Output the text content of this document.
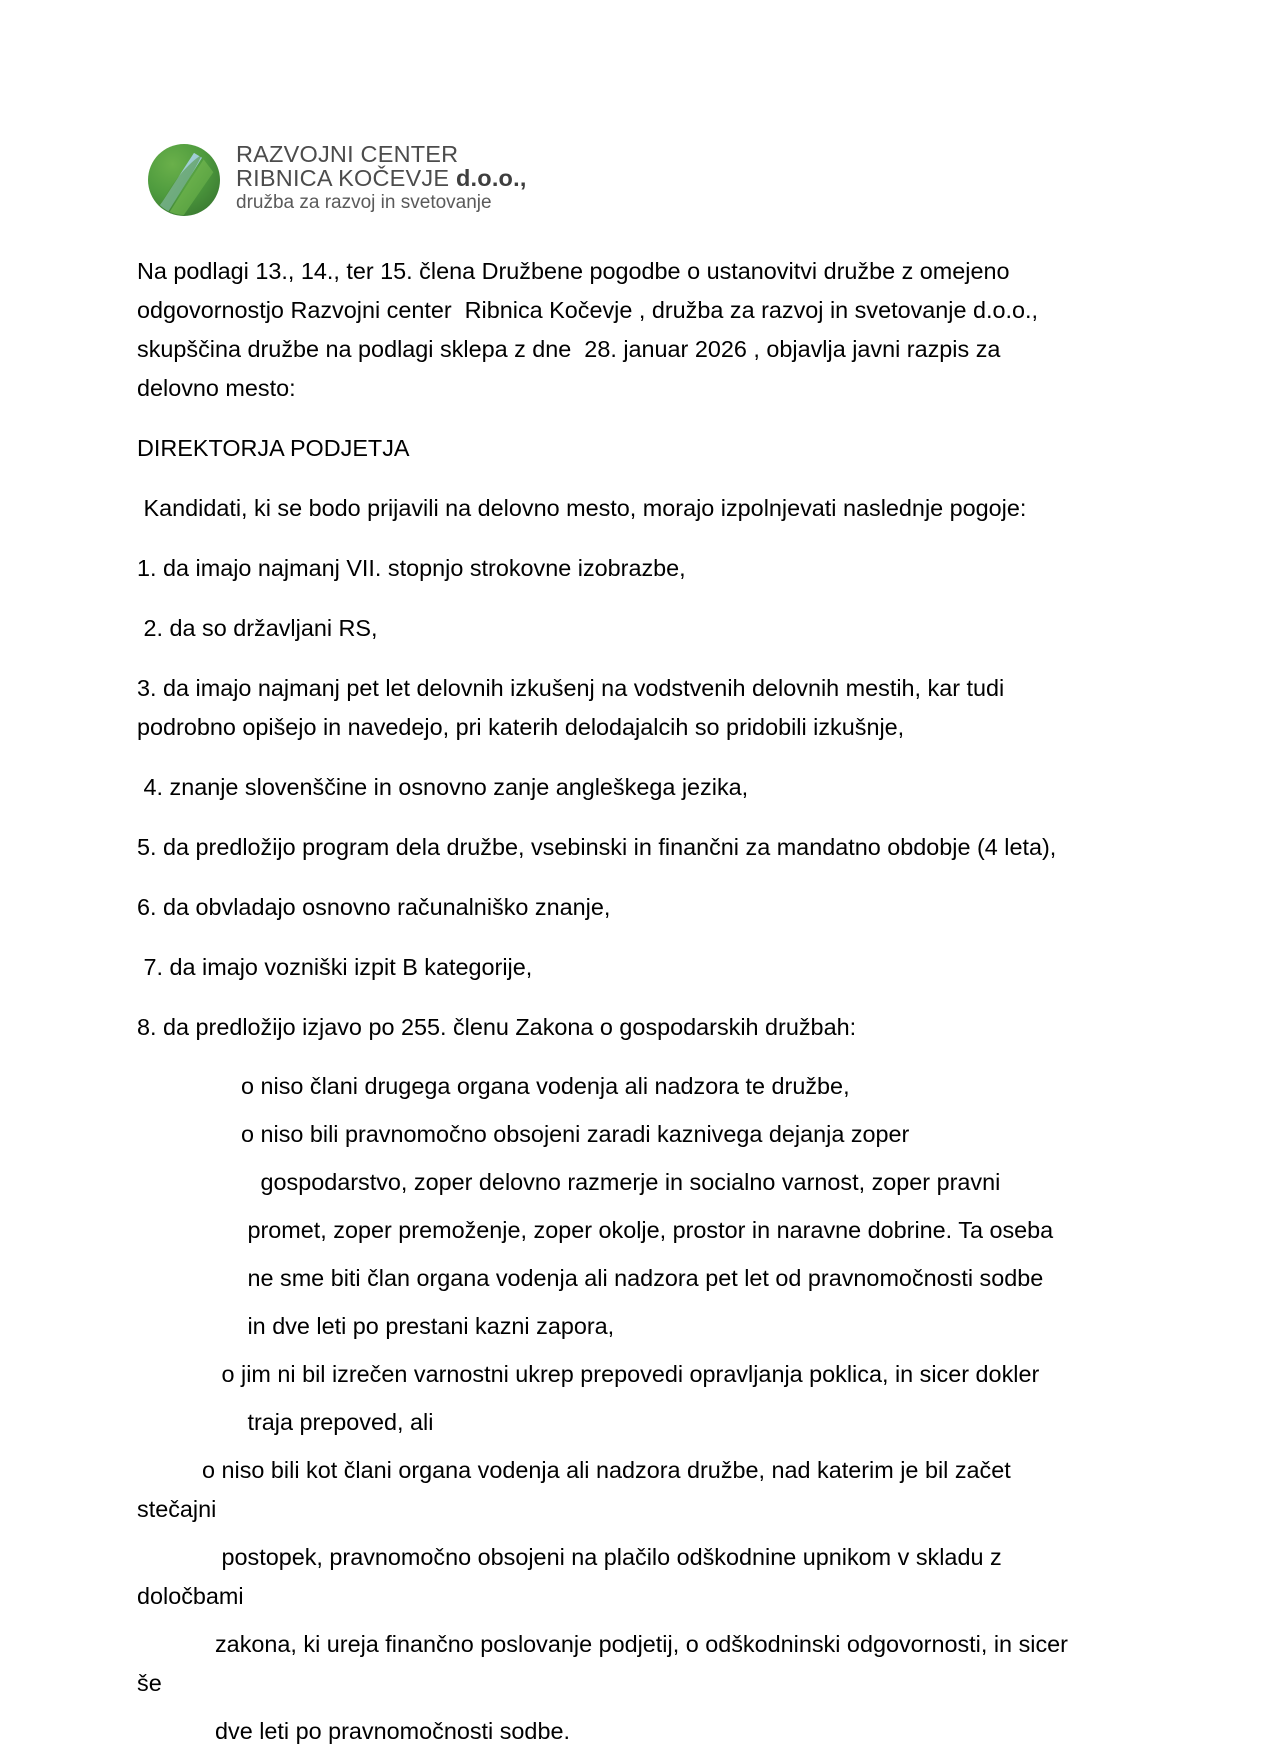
RAZVOJNI CENTER
RIBNICA KOČEVJE d.o.o.,
družba za razvoj in svetovanje

Na podlagi 13., 14., ter 15. člena Družbene pogodbe o ustanovitvi družbe z omejeno odgovornostjo Razvojni center  Ribnica Kočevje , družba za razvoj in svetovanje d.o.o., skupščina družbe na podlagi sklepa z dne  28. januar 2026 , objavlja javni razpis za delovno mesto:

DIREKTORJA PODJETJA

Kandidati, ki se bodo prijavili na delovno mesto, morajo izpolnjevati naslednje pogoje:

1. da imajo najmanj VII. stopnjo strokovne izobrazbe,

2. da so državljani RS,

3. da imajo najmanj pet let delovnih izkušenj na vodstvenih delovnih mestih, kar tudi podrobno opišejo in navedejo, pri katerih delodajalcih so pridobili izkušnje,

4. znanje slovenščine in osnovno zanje angleškega jezika,

5. da predložijo program dela družbe, vsebinski in finančni za mandatno obdobje (4 leta),

6. da obvladajo osnovno računalniško znanje,

7. da imajo vozniški izpit B kategorije,

8. da predložijo izjavo po 255. členu Zakona o gospodarskih družbah:

o niso člani drugega organa vodenja ali nadzora te družbe,

o niso bili pravnomočno obsojeni zaradi kaznivega dejanja zoper

gospodarstvo, zoper delovno razmerje in socialno varnost, zoper pravni

promet, zoper premoženje, zoper okolje, prostor in naravne dobrine. Ta oseba

ne sme biti član organa vodenja ali nadzora pet let od pravnomočnosti sodbe

in dve leti po prestani kazni zapora,

o jim ni bil izrečen varnostni ukrep prepovedi opravljanja poklica, in sicer dokler

traja prepoved, ali

o niso bili kot člani organa vodenja ali nadzora družbe, nad katerim je bil začet stečajni

postopek, pravnomočno obsojeni na plačilo odškodnine upnikom v skladu z določbami

zakona, ki ureja finančno poslovanje podjetij, o odškodninski odgovornosti, in sicer še

dve leti po pravnomočnosti sodbe.
